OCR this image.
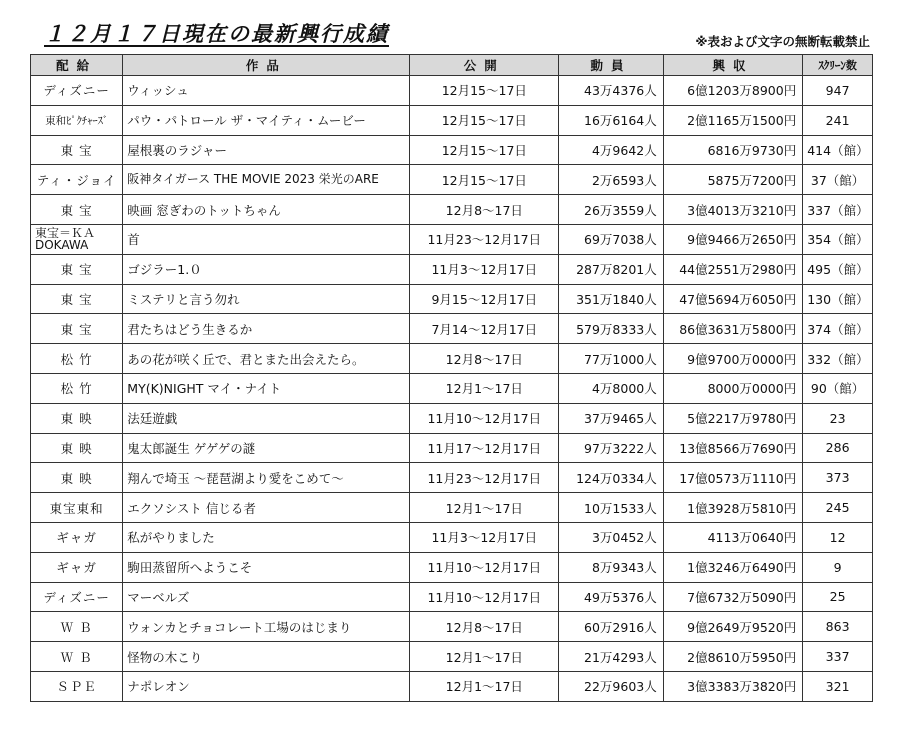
１２月１７日現在の最新興行成績	※表および文字の無断転載禁止
配給	作品	公開	動員	興収	ｽｸﾘｰﾝ数
ディズニー	ウィッシュ	12月15～17日	43万4376人	6億1203万8900円	947
東和ﾋﾟｸﾁｬｰｽﾞ	パウ・パトロール ザ・マイティ・ムービー	12月15～17日	16万6164人	2億1165万1500円	241
東 宝	屋根裏のラジャー	12月15～17日	4万9642人	6816万9730円	414（館）
ティ・ジョイ	阪神タイガース THE MOVIE 2023 栄光のARE	12月15～17日	2万6593人	5875万7200円	37（館）
東 宝	映画 窓ぎわのトットちゃん	12月8～17日	26万3559人	3億4013万3210円	337（館）
東宝＝ＫＡ DOKAWA	首	11月23～12月17日	69万7038人	9億9466万2650円	354（館）
東 宝	ゴジラー1.０	11月3～12月17日	287万8201人	44億2551万2980円	495（館）
東 宝	ミステリと言う勿れ	9月15～12月17日	351万1840人	47億5694万6050円	130（館）
東 宝	君たちはどう生きるか	7月14～12月17日	579万8333人	86億3631万5800円	374（館）
松 竹	あの花が咲く丘で、君とまた出会えたら。	12月8～17日	77万1000人	9億9700万0000円	332（館）
松 竹	MY(K)NIGHT マイ・ナイト	12月1～17日	4万8000人	8000万0000円	90（館）
東 映	法廷遊戯	11月10～12月17日	37万9465人	5億2217万9780円	23
東 映	鬼太郎誕生 ゲゲゲの謎	11月17～12月17日	97万3222人	13億8566万7690円	286
東 映	翔んで埼玉 ～琵琶湖より愛をこめて～	11月23～12月17日	124万0334人	17億0573万1110円	373
東宝東和	エクソシスト 信じる者	12月1～17日	10万1533人	1億3928万5810円	245
ギャガ	私がやりました	11月3～12月17日	3万0452人	4113万0640円	12
ギャガ	駒田蒸留所へようこそ	11月10～12月17日	8万9343人	1億3246万6490円	9
ディズニー	マーベルズ	11月10～12月17日	49万5376人	7億6732万5090円	25
Ｗ Ｂ	ウォンカとチョコレート工場のはじまり	12月8～17日	60万2916人	9億2649万9520円	863
Ｗ Ｂ	怪物の木こり	12月1～17日	21万4293人	2億8610万5950円	337
ＳＰＥ	ナポレオン	12月1～17日	22万9603人	3億3383万3820円	321
